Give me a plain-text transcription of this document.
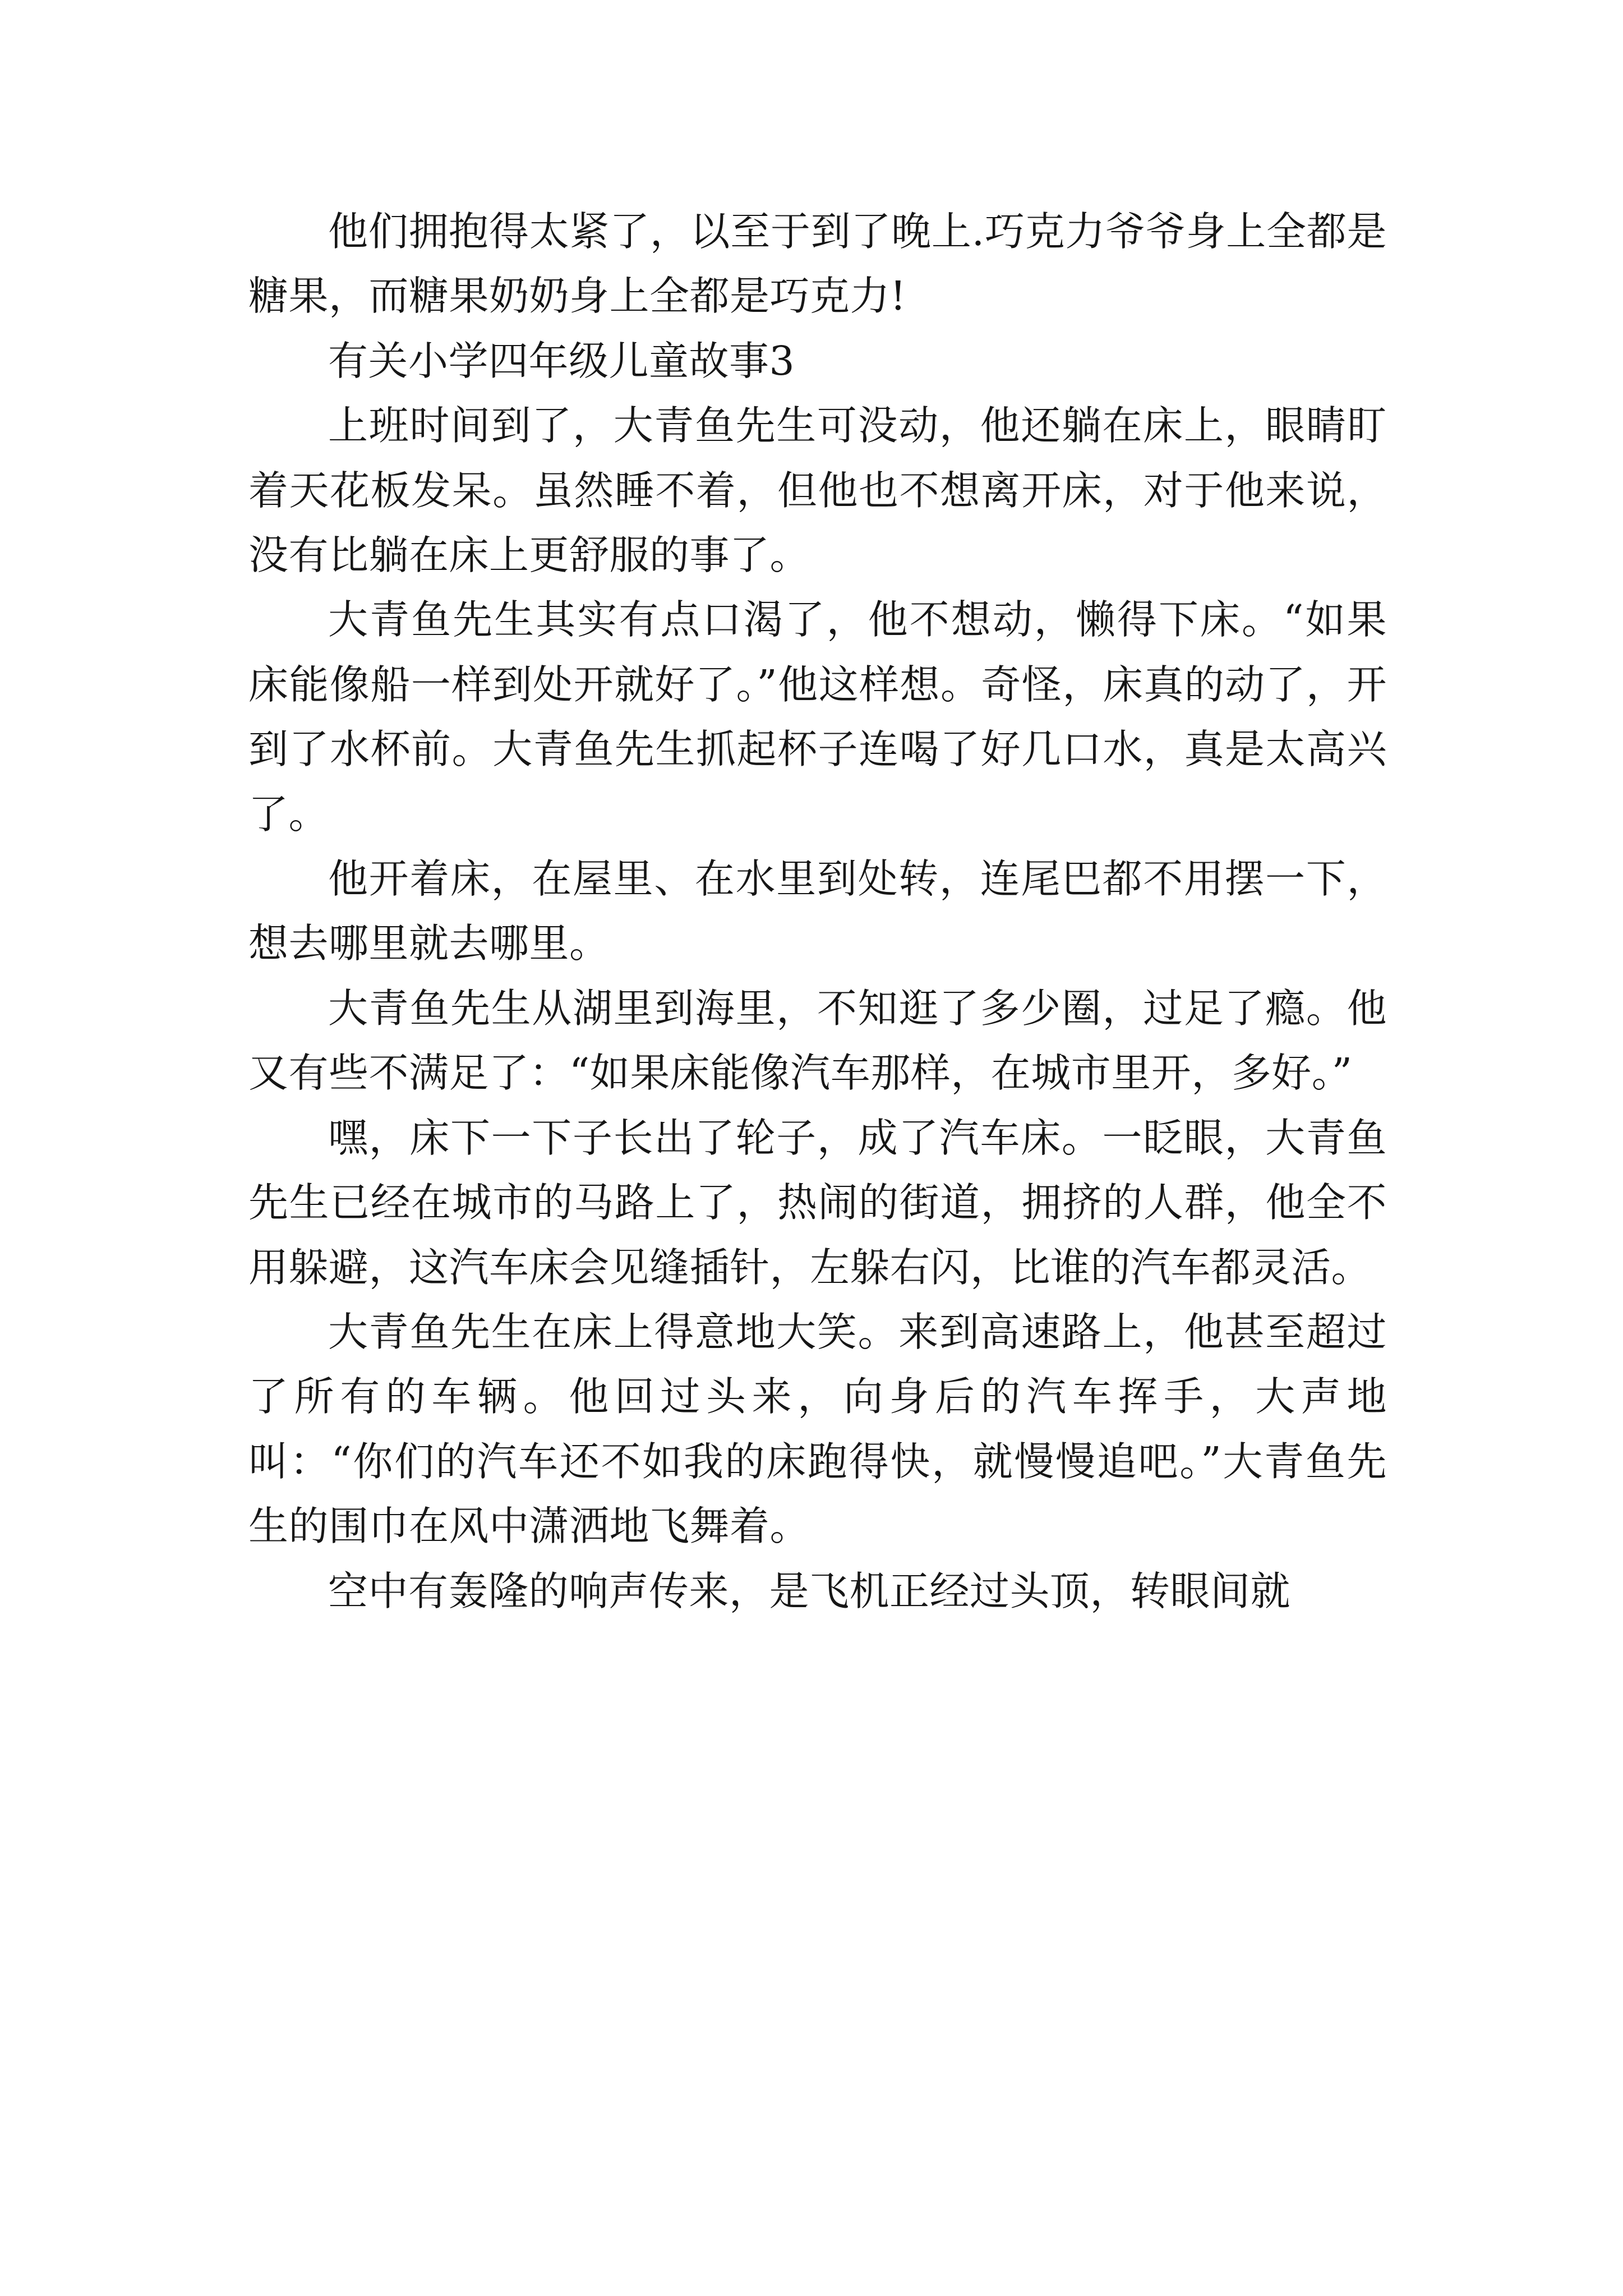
他们拥抱得太紧了，以至于到了晚上.巧克力爷爷身上全都是糖果，而糖果奶奶身上全都是巧克力!

有关小学四年级儿童故事3

上班时间到了，大青鱼先生可没动，他还躺在床上，眼睛盯着天花板发呆。虽然睡不着，但他也不想离开床，对于他来说，没有比躺在床上更舒服的事了。

大青鱼先生其实有点口渴了，他不想动，懒得下床。“如果床能像船一样到处开就好了。”他这样想。奇怪，床真的动了，开到了水杯前。大青鱼先生抓起杯子连喝了好几口水，真是太高兴了。

他开着床，在屋里、在水里到处转，连尾巴都不用摆一下，想去哪里就去哪里。

大青鱼先生从湖里到海里，不知逛了多少圈，过足了瘾。他又有些不满足了：“如果床能像汽车那样，在城市里开，多好。”

嘿，床下一下子长出了轮子，成了汽车床。一眨眼，大青鱼先生已经在城市的马路上了，热闹的街道，拥挤的人群，他全不用躲避，这汽车床会见缝插针，左躲右闪，比谁的汽车都灵活。

大青鱼先生在床上得意地大笑。来到高速路上，他甚至超过了所有的车辆。他回过头来，向身后的汽车挥手，大声地叫：“你们的汽车还不如我的床跑得快，就慢慢追吧。”大青鱼先生的围巾在风中潇洒地飞舞着。

空中有轰隆的响声传来，是飞机正经过头顶，转眼间就
